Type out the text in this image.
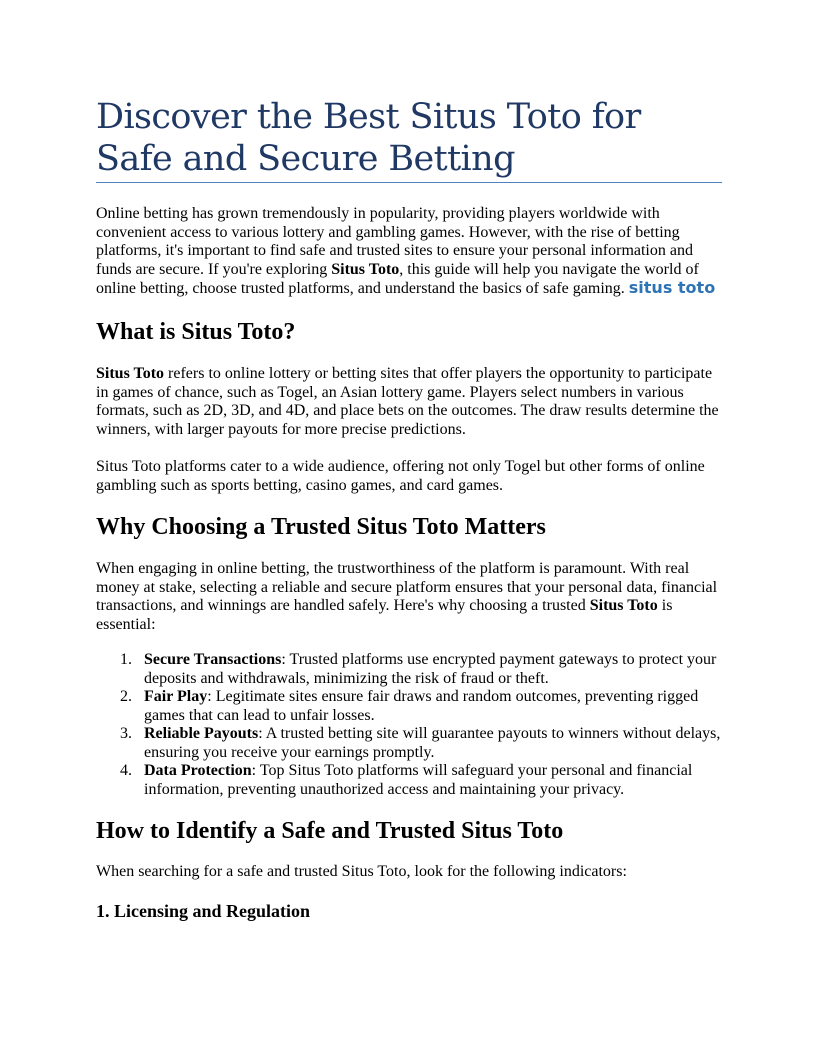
Discover the Best Situs Toto for Safe and Secure Betting

Online betting has grown tremendously in popularity, providing players worldwide with convenient access to various lottery and gambling games. However, with the rise of betting platforms, it's important to find safe and trusted sites to ensure your personal information and funds are secure. If you're exploring Situs Toto, this guide will help you navigate the world of online betting, choose trusted platforms, and understand the basics of safe gaming. situs toto

What is Situs Toto?

Situs Toto refers to online lottery or betting sites that offer players the opportunity to participate in games of chance, such as Togel, an Asian lottery game. Players select numbers in various formats, such as 2D, 3D, and 4D, and place bets on the outcomes. The draw results determine the winners, with larger payouts for more precise predictions.

Situs Toto platforms cater to a wide audience, offering not only Togel but other forms of online gambling such as sports betting, casino games, and card games.

Why Choosing a Trusted Situs Toto Matters

When engaging in online betting, the trustworthiness of the platform is paramount. With real money at stake, selecting a reliable and secure platform ensures that your personal data, financial transactions, and winnings are handled safely. Here's why choosing a trusted Situs Toto is essential:

1. Secure Transactions: Trusted platforms use encrypted payment gateways to protect your deposits and withdrawals, minimizing the risk of fraud or theft.
2. Fair Play: Legitimate sites ensure fair draws and random outcomes, preventing rigged games that can lead to unfair losses.
3. Reliable Payouts: A trusted betting site will guarantee payouts to winners without delays, ensuring you receive your earnings promptly.
4. Data Protection: Top Situs Toto platforms will safeguard your personal and financial information, preventing unauthorized access and maintaining your privacy.
How to Identify a Safe and Trusted Situs Toto

When searching for a safe and trusted Situs Toto, look for the following indicators:

1. Licensing and Regulation
